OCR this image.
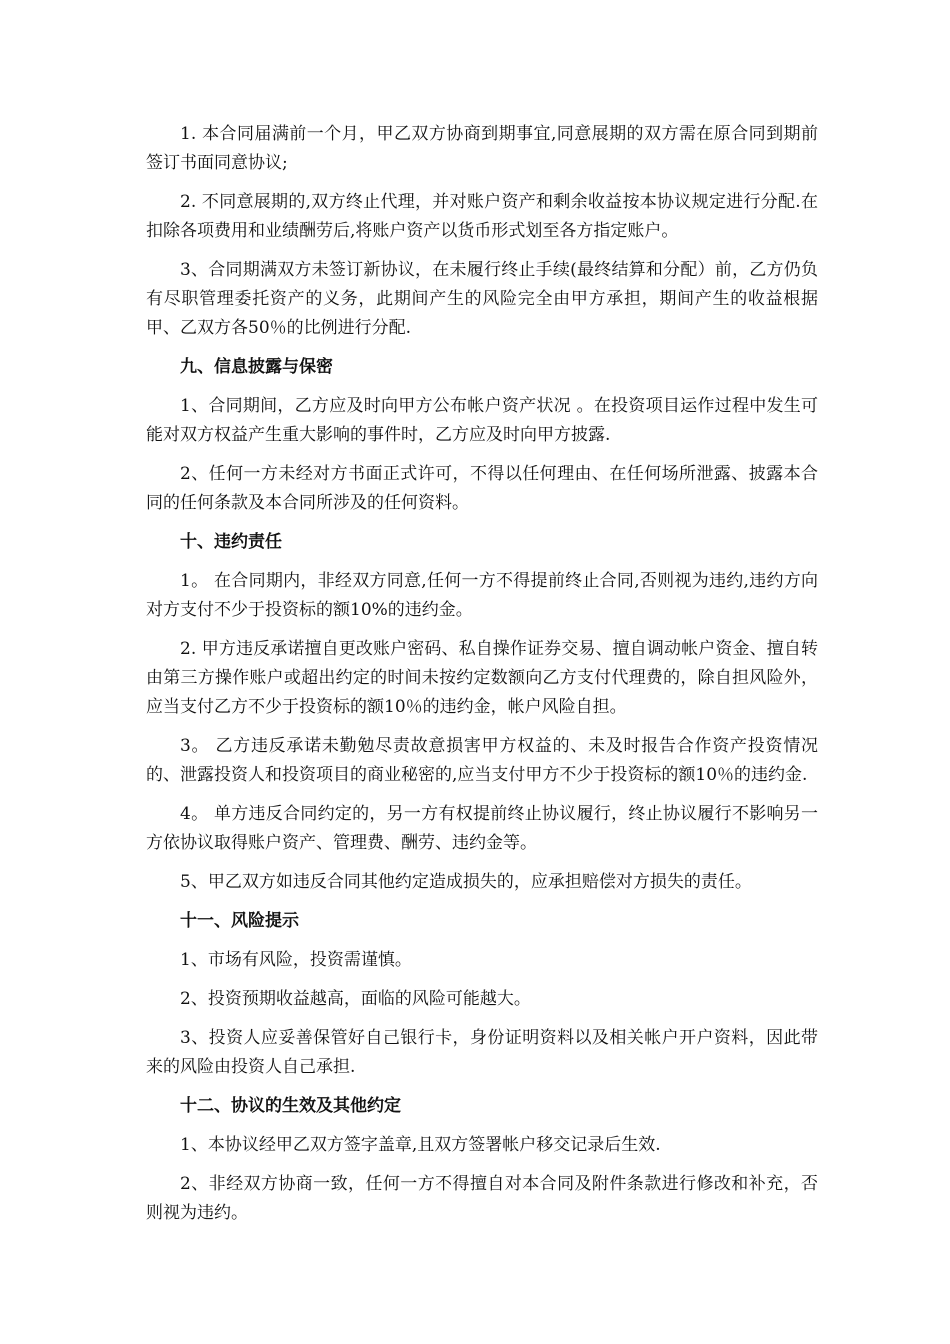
1. 本合同届满前一个月，甲乙双方协商到期事宜,同意展期的双方需在原合同到期前签订书面同意协议;

2. 不同意展期的,双方终止代理，并对账户资产和剩余收益按本协议规定进行分配.在扣除各项费用和业绩酬劳后,将账户资产以货币形式划至各方指定账户。

3、合同期满双方未签订新协议，在未履行终止手续(最终结算和分配）前，乙方仍负有尽职管理委托资产的义务，此期间产生的风险完全由甲方承担，期间产生的收益根据甲、乙双方各50％的比例进行分配.

九、信息披露与保密

1、合同期间，乙方应及时向甲方公布帐户资产状况 。在投资项目运作过程中发生可能对双方权益产生重大影响的事件时，乙方应及时向甲方披露.

2、任何一方未经对方书面正式许可，不得以任何理由、在任何场所泄露、披露本合同的任何条款及本合同所涉及的任何资料。

十、违约责任

1。 在合同期内，非经双方同意,任何一方不得提前终止合同,否则视为违约,违约方向对方支付不少于投资标的额10%的违约金。

2. 甲方违反承诺擅自更改账户密码、私自操作证券交易、擅自调动帐户资金、擅自转由第三方操作账户或超出约定的时间未按约定数额向乙方支付代理费的，除自担风险外，应当支付乙方不少于投资标的额10％的违约金，帐户风险自担。

3。 乙方违反承诺未勤勉尽责故意损害甲方权益的、未及时报告合作资产投资情况的、泄露投资人和投资项目的商业秘密的,应当支付甲方不少于投资标的额10％的违约金.

4。 单方违反合同约定的，另一方有权提前终止协议履行，终止协议履行不影响另一方依协议取得账户资产、管理费、酬劳、违约金等。

5、甲乙双方如违反合同其他约定造成损失的，应承担赔偿对方损失的责任。

十一、风险提示

1、市场有风险，投资需谨慎。

2、投资预期收益越高，面临的风险可能越大。

3、投资人应妥善保管好自己银行卡，身份证明资料以及相关帐户开户资料，因此带来的风险由投资人自己承担.

十二、协议的生效及其他约定

1、本协议经甲乙双方签字盖章,且双方签署帐户移交记录后生效.

2、非经双方协商一致，任何一方不得擅自对本合同及附件条款进行修改和补充，否则视为违约。
